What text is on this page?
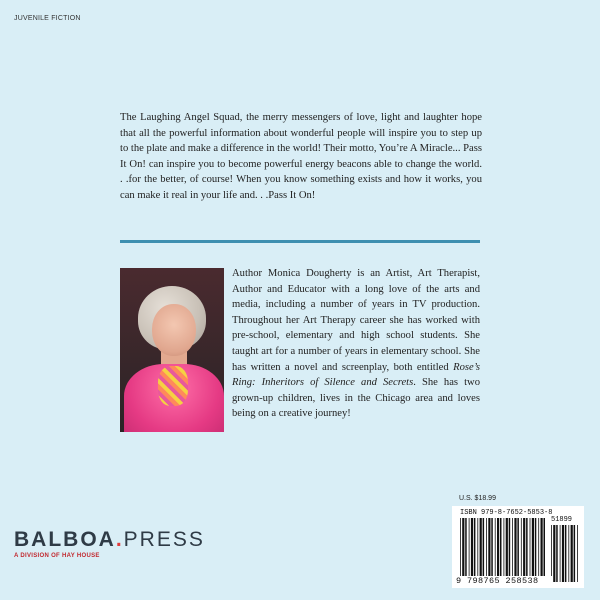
JUVENILE FICTION

The Laughing Angel Squad, the merry messengers of love, light and laughter hope that all the powerful information about wonderful people will inspire you to step up to the plate and make a difference in the world! Their motto, You’re A Miracle... Pass It On! can inspire you to become powerful energy beacons able to change the world. . .for the better, of course! When you know something exists and how it works, you can make it real in your life and. . .Pass It On!

Author Monica Dougherty is an Artist, Art Therapist, Author and Educator with a long love of the arts and media, including a number of years in TV production. Throughout her Art Therapy career she has worked with pre-school, elementary and high school students. She taught art for a number of years in elementary school. She has written a novel and screenplay, both entitled Rose’s Ring: Inheritors of Silence and Secrets. She has two grown-up children, lives in the Chicago area and loves being on a creative journey!

BALBOA.PRESS
A DIVISION OF HAY HOUSE
U.S. $18.99
ISBN 979-8-7652-5853-8
51899
9 798765 258538
